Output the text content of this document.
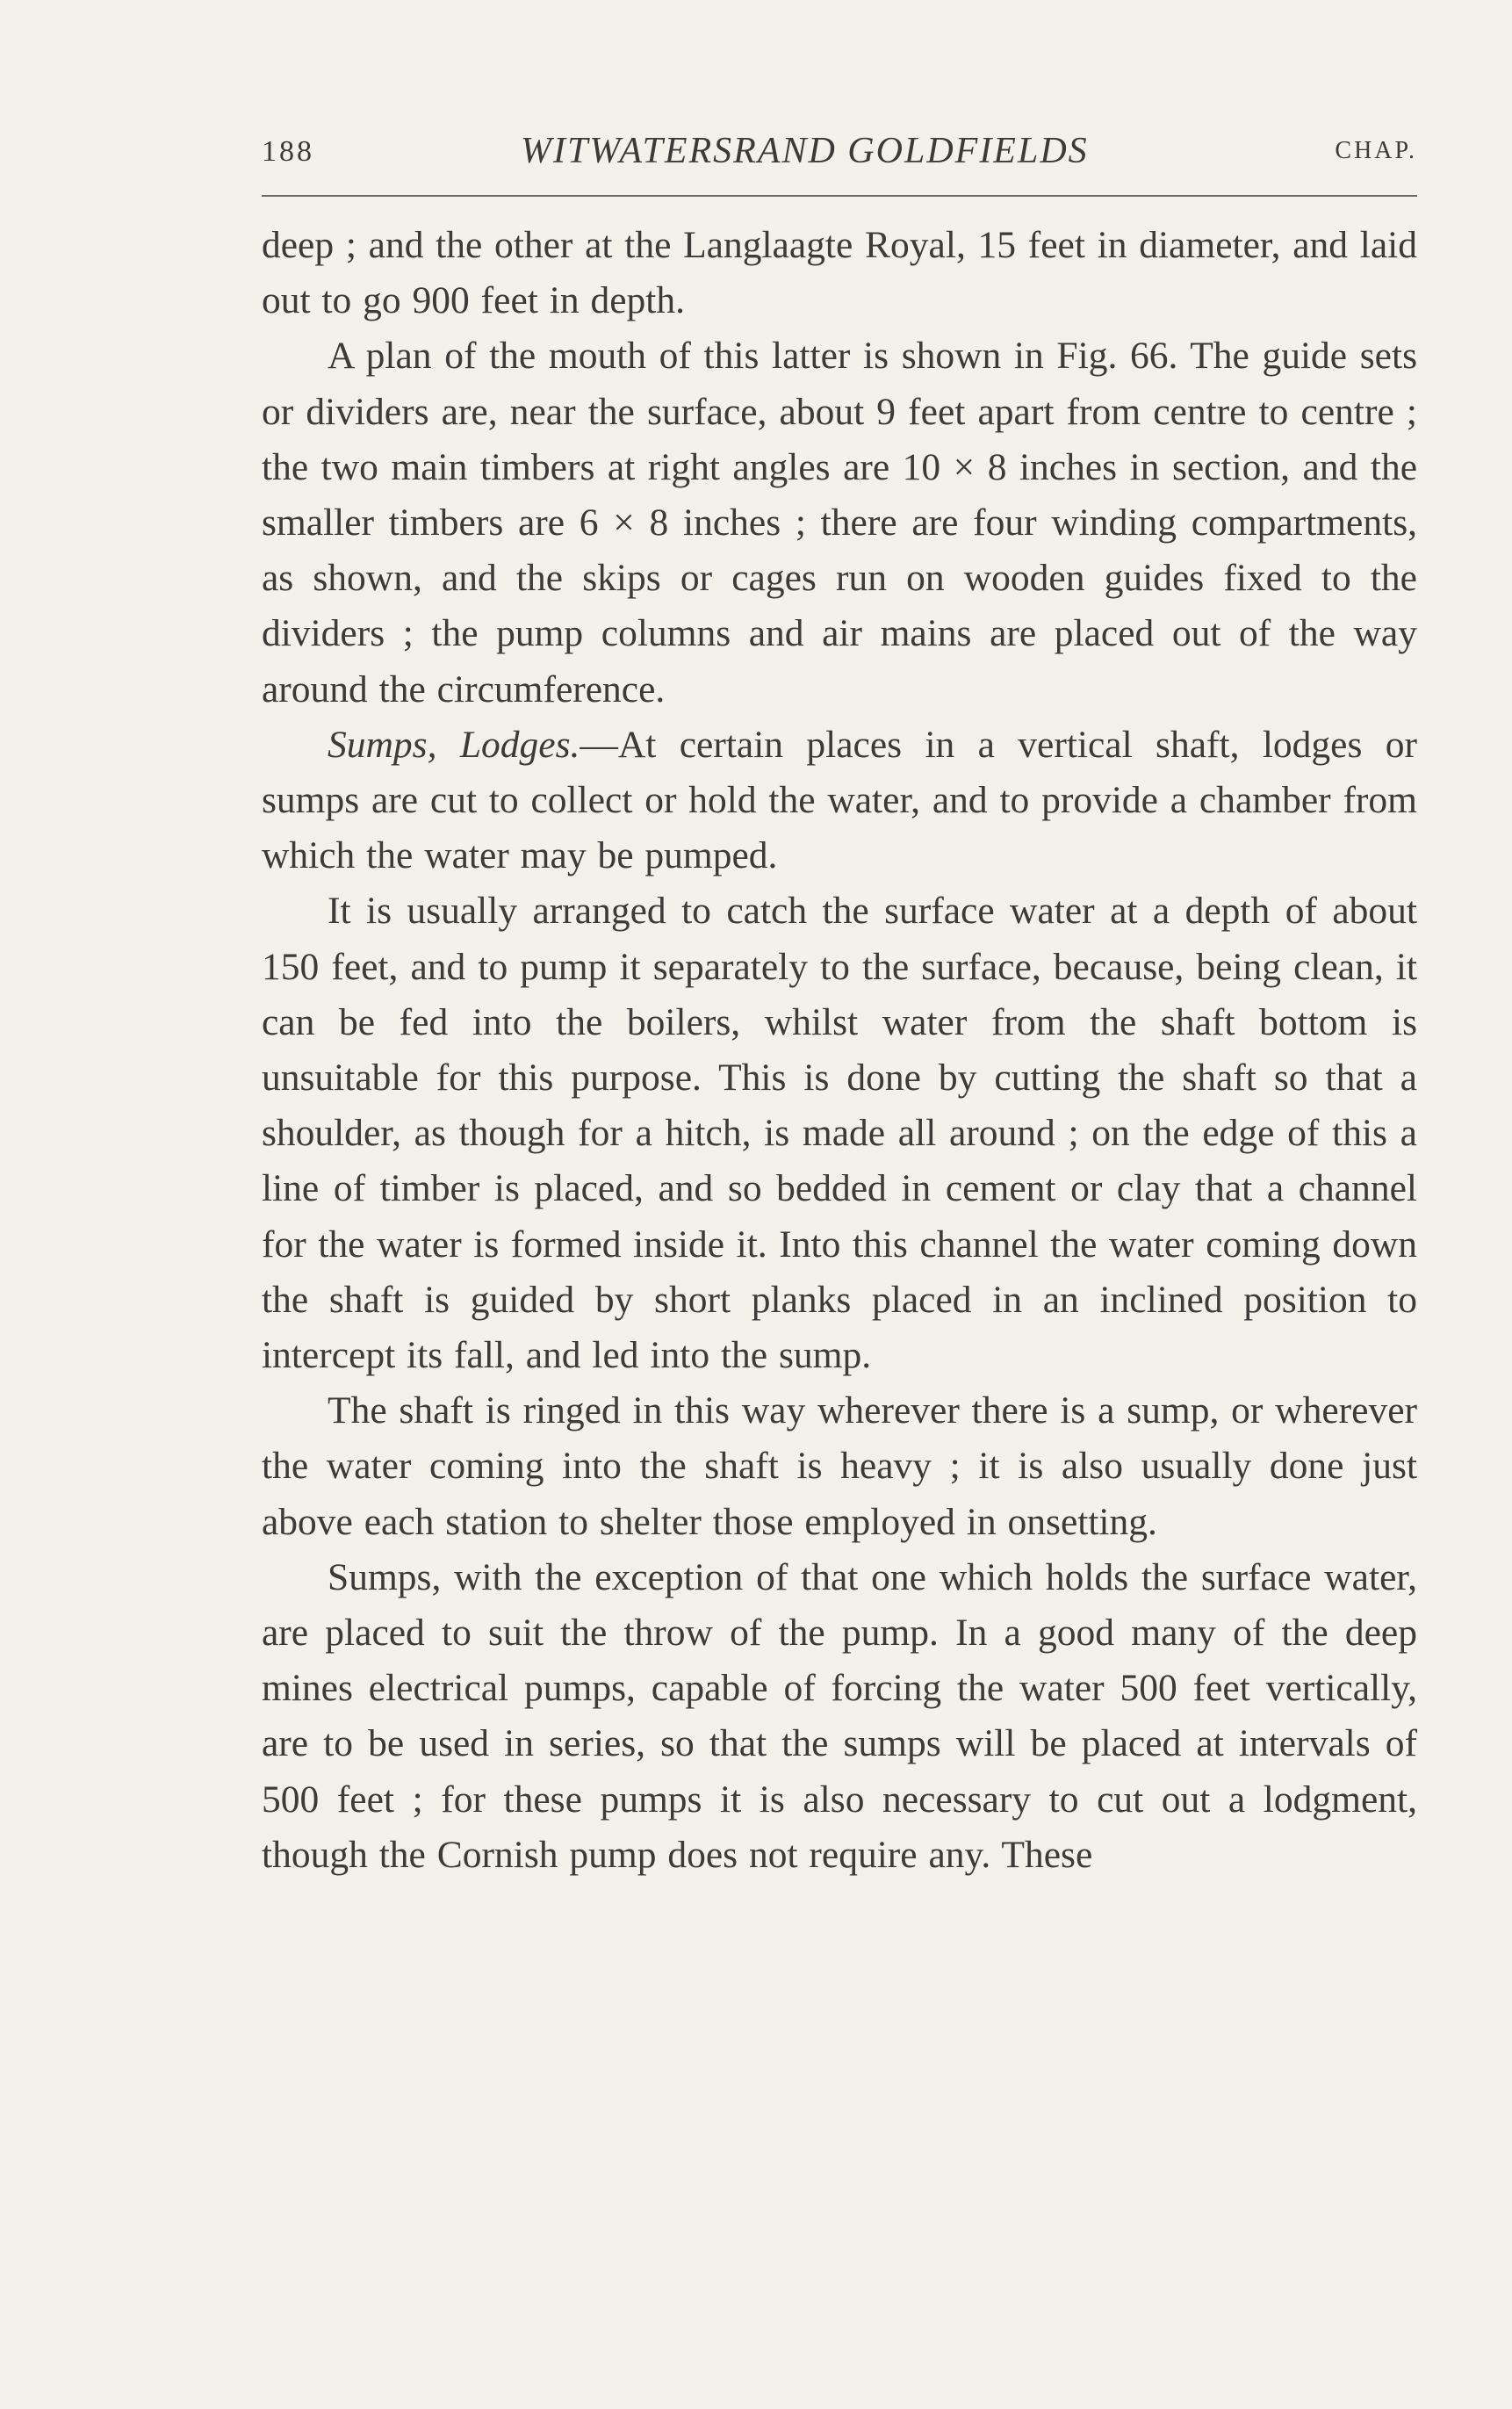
188	WITWATERSRAND GOLDFIELDS	CHAP.

deep ; and the other at the Langlaagte Royal, 15 feet in diameter, and laid out to go 900 feet in depth.

A plan of the mouth of this latter is shown in Fig. 66. The guide sets or dividers are, near the surface, about 9 feet apart from centre to centre ; the two main timbers at right angles are 10 × 8 inches in section, and the smaller timbers are 6 × 8 inches ; there are four winding compartments, as shown, and the skips or cages run on wooden guides fixed to the dividers ; the pump columns and air mains are placed out of the way around the circumference.

Sumps, Lodges.—At certain places in a vertical shaft, lodges or sumps are cut to collect or hold the water, and to provide a chamber from which the water may be pumped.

It is usually arranged to catch the surface water at a depth of about 150 feet, and to pump it separately to the surface, because, being clean, it can be fed into the boilers, whilst water from the shaft bottom is unsuitable for this purpose. This is done by cutting the shaft so that a shoulder, as though for a hitch, is made all around ; on the edge of this a line of timber is placed, and so bedded in cement or clay that a channel for the water is formed inside it. Into this channel the water coming down the shaft is guided by short planks placed in an inclined position to intercept its fall, and led into the sump.

The shaft is ringed in this way wherever there is a sump, or wherever the water coming into the shaft is heavy ; it is also usually done just above each station to shelter those employed in onsetting.

Sumps, with the exception of that one which holds the surface water, are placed to suit the throw of the pump. In a good many of the deep mines electrical pumps, capable of forcing the water 500 feet vertically, are to be used in series, so that the sumps will be placed at intervals of 500 feet ; for these pumps it is also necessary to cut out a lodgment, though the Cornish pump does not require any. These
